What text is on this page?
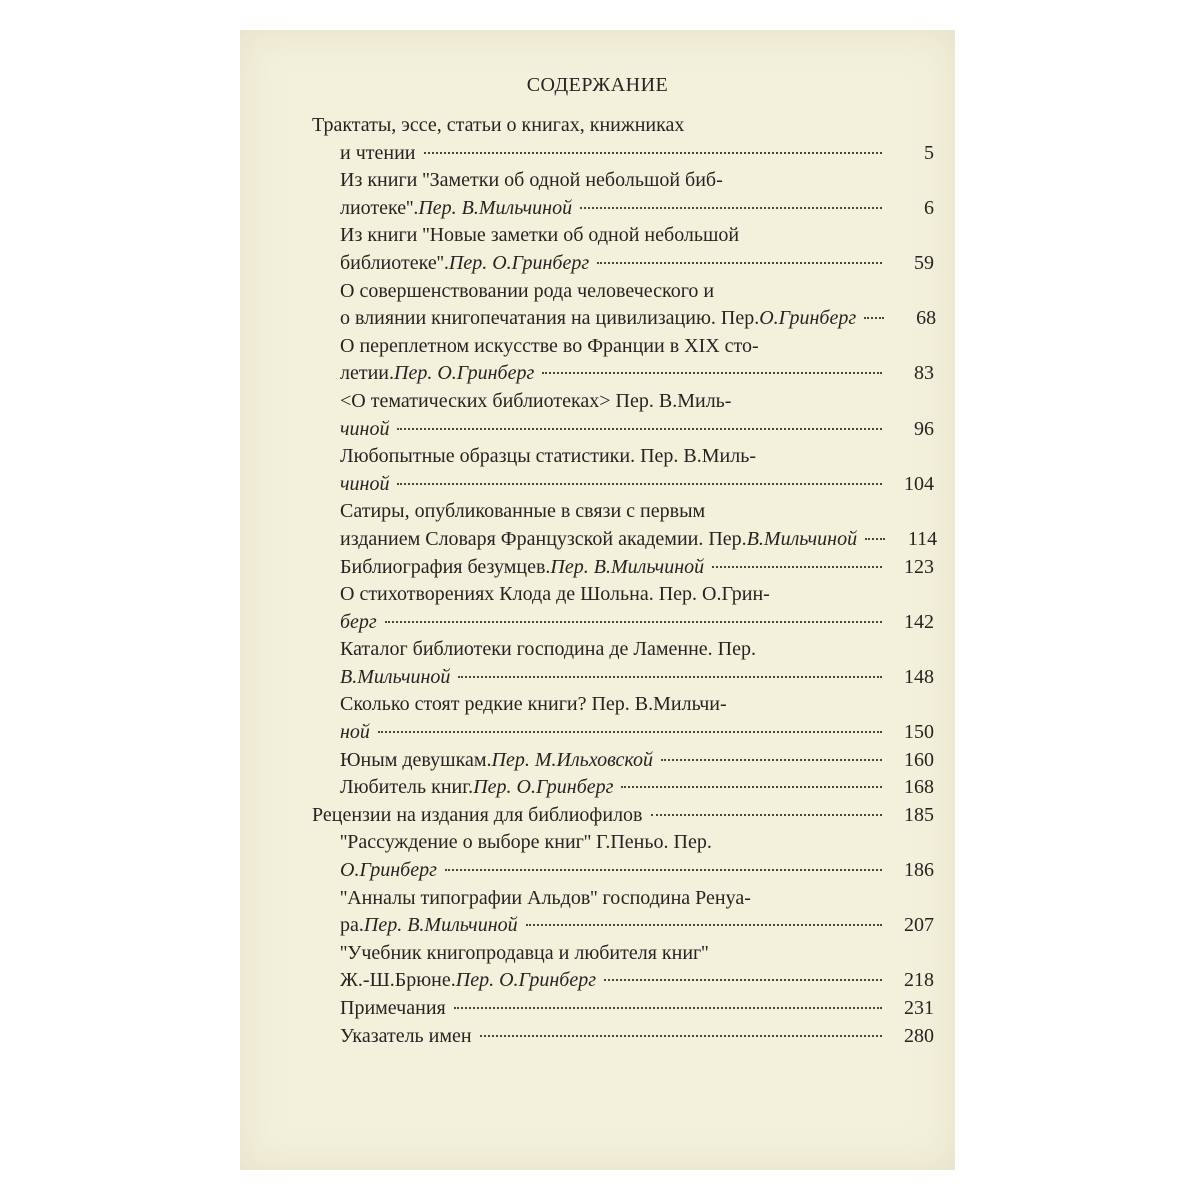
СОДЕРЖАНИЕ
Трактаты, эссе, статьи о книгах, книжниках
и чтении	5
Из книги ''Заметки об одной небольшой биб-
лиотеке''. Пер. В.Мильчиной	6
Из книги ''Новые заметки об одной небольшой
библиотеке''. Пер. О.Гринберг	59
О совершенствовании рода человеческого и
о влиянии книгопечатания на цивилизацию. Пер. О.Гринберг	68
О переплетном искусстве во Франции в XIX сто-
летии. Пер. О.Гринберг	83
<О тематических библиотеках> Пер. В.Миль-
чиной	96
Любопытные образцы статистики. Пер. В.Миль-
чиной	104
Сатиры, опубликованные в связи с первым
изданием Словаря Французской академии. Пер. В.Мильчиной	114
Библиография безумцев. Пер. В.Мильчиной	123
О стихотворениях Клода де Шольна. Пер. О.Грин-
берг	142
Каталог библиотеки господина де Ламенне. Пер.
В.Мильчиной	148
Сколько стоят редкие книги? Пер. В.Мильчи-
ной	150
Юным девушкам. Пер. М.Ильховской	160
Любитель книг. Пер. О.Гринберг	168
Рецензии на издания для библиофилов	185
''Рассуждение о выборе книг'' Г.Пеньо. Пер.
О.Гринберг	186
''Анналы типографии Альдов'' господина Ренуа-
ра. Пер. В.Мильчиной	207
''Учебник книгопродавца и любителя книг''
Ж.-Ш.Брюне. Пер. О.Гринберг	218
Примечания	231
Указатель имен	280
